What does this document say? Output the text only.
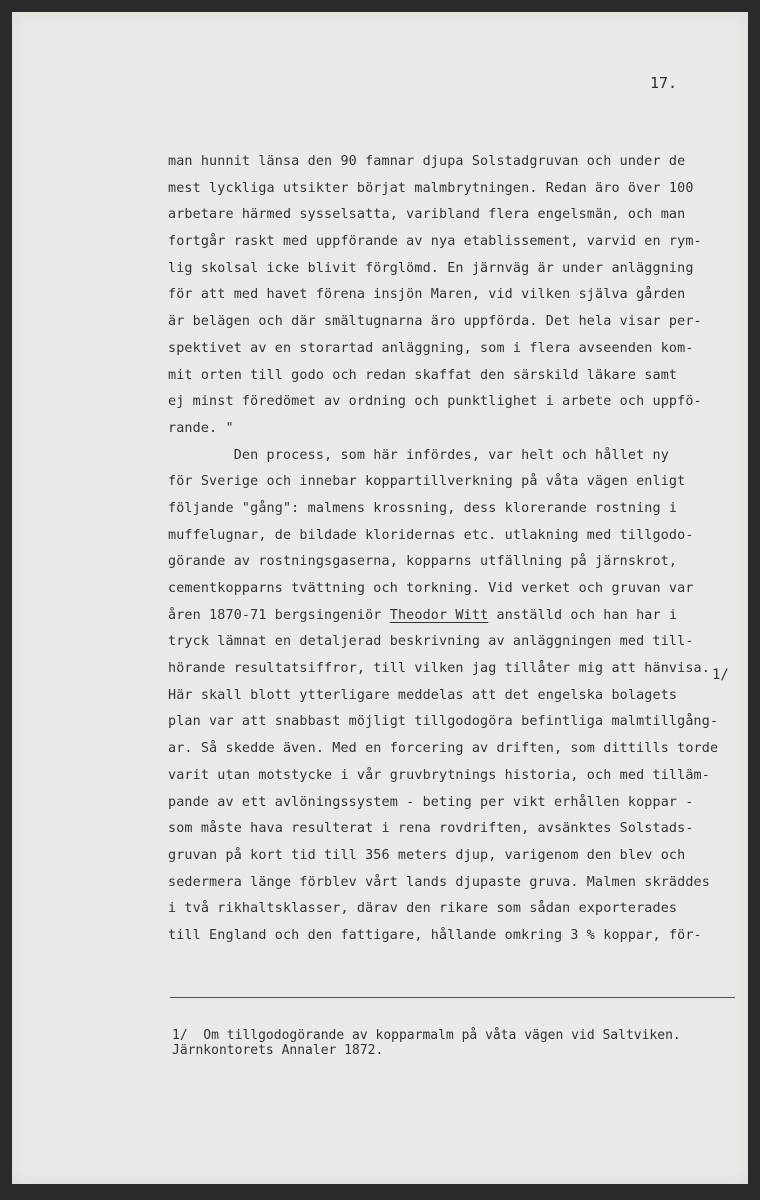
17.
man hunnit länsa den 90 famnar djupa Solstadgruvan och under de
mest lyckliga utsikter börjat malmbrytningen. Redan äro över 100
arbetare härmed sysselsatta, varibland flera engelsmän, och man
fortgår raskt med uppförande av nya etablissement, varvid en rym-
lig skolsal icke blivit förglömd. En järnväg är under anläggning
för att med havet förena insjön Maren, vid vilken själva gården
är belägen och där smältugnarna äro uppförda. Det hela visar per-
spektivet av en storartad anläggning, som i flera avseenden kom-
mit orten till godo och redan skaffat den särskild läkare samt
ej minst föredömet av ordning och punktlighet i arbete och uppfö-
rande. "
Den process, som här infördes, var helt och hållet ny
för Sverige och innebar koppartillverkning på våta vägen enligt
följande "gång": malmens krossning, dess klorerande rostning i
muffelugnar, de bildade kloridernas etc. utlakning med tillgodo-
görande av rostningsgaserna, kopparns utfällning på järnskrot,
cementkopparns tvättning och torkning. Vid verket och gruvan var
åren 1870-71 bergsingeniör Theodor Witt anställd och han har i
tryck lämnat en detaljerad beskrivning av anläggningen med till-
hörande resultatsiffror, till vilken jag tillåter mig att hänvisa.
Här skall blott ytterligare meddelas att det engelska bolagets
plan var att snabbast möjligt tillgodogöra befintliga malmtillgång-
ar. Så skedde även. Med en forcering av driften, som dittills torde
varit utan motstycke i vår gruvbrytnings historia, och med tilläm-
pande av ett avlöningssystem - beting per vikt erhållen koppar -
som måste hava resulterat i rena rovdriften, avsänktes Solstads-
gruvan på kort tid till 356 meters djup, varigenom den blev och
sedermera länge förblev vårt lands djupaste gruva. Malmen skräddes
i två rikhaltsklasser, därav den rikare som sådan exporterades
till England och den fattigare, hållande omkring 3 % koppar, för-
1/
1/  Om tillgodogörande av kopparmalm på våta vägen vid Saltviken.
Järnkontorets Annaler 1872.
